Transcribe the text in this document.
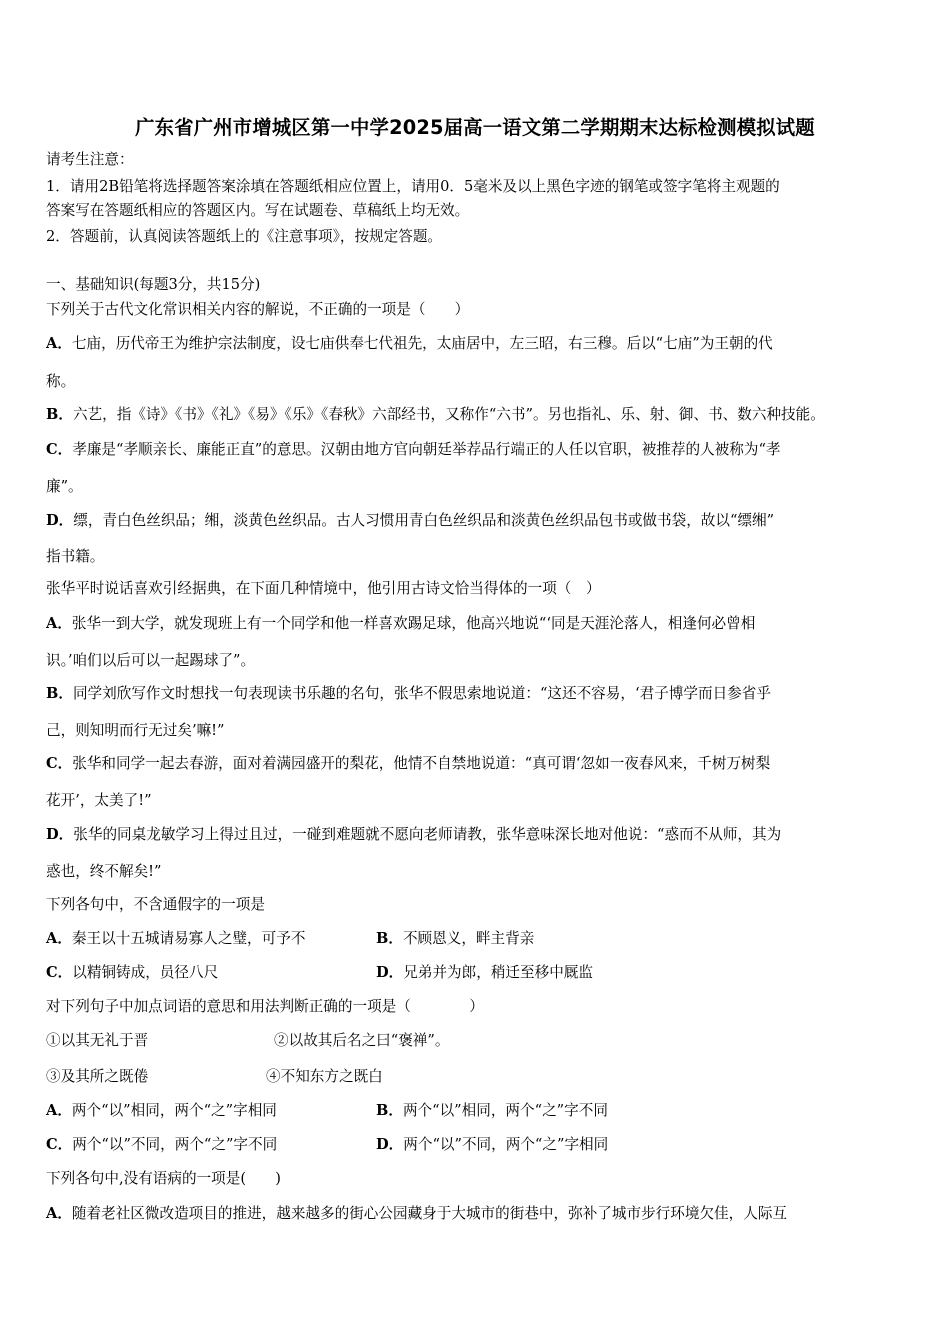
广东省广州市增城区第一中学2025届高一语文第二学期期末达标检测模拟试题
请考生注意：
1．请用2B铅笔将选择题答案涂填在答题纸相应位置上，请用0．5毫米及以上黑色字迹的钢笔或签字笔将主观题的
答案写在答题纸相应的答题区内。写在试题卷、草稿纸上均无效。
2．答题前，认真阅读答题纸上的《注意事项》，按规定答题。
一、基础知识(每题3分，共15分)
下列关于古代文化常识相关内容的解说，不正确的一项是（　　）
A．七庙，历代帝王为维护宗法制度，设七庙供奉七代祖先，太庙居中，左三昭，右三穆。后以“七庙”为王朝的代
称。
B．六艺，指《诗》《书》《礼》《易》《乐》《春秋》六部经书，又称作“六书”。另也指礼、乐、射、御、书、数六种技能。
C．孝廉是“孝顺亲长、廉能正直”的意思。汉朝由地方官向朝廷举荐品行端正的人任以官职，被推荐的人被称为“孝
廉”。
D．缥，青白色丝织品；缃，淡黄色丝织品。古人习惯用青白色丝织品和淡黄色丝织品包书或做书袋，故以“缥缃”
指书籍。
张华平时说话喜欢引经据典，在下面几种情境中，他引用古诗文恰当得体的一项（　）
A．张华一到大学，就发现班上有一个同学和他一样喜欢踢足球，他高兴地说“‘同是天涯沦落人，相逢何必曾相
识。’咱们以后可以一起踢球了”。
B．同学刘欣写作文时想找一句表现读书乐趣的名句，张华不假思索地说道：“这还不容易，‘君子博学而日参省乎
己，则知明而行无过矣’嘛!”
C．张华和同学一起去春游，面对着满园盛开的梨花，他情不自禁地说道：“真可谓‘忽如一夜春风来，千树万树梨
花开’，太美了!”
D．张华的同桌龙敏学习上得过且过，一碰到难题就不愿向老师请教，张华意味深长地对他说：“惑而不从师，其为
惑也，终不解矣!”
下列各句中，不含通假字的一项是
A．秦王以十五城请易寡人之璧，可予不	B．不顾恩义，畔主背亲
C．以精铜铸成，员径八尺	D．兄弟并为郎，稍迁至移中厩监
对下列句子中加点词语的意思和用法判断正确的一项是（　　　　）
①以其无礼于晋	②以故其后名之曰“褒禅”。
③及其所之既倦	④不知东方之既白
A．两个“以”相同，两个“之”字相同	B．两个“以”相同，两个“之”字不同
C．两个“以”不同，两个“之”字不同	D．两个“以”不同，两个“之”字相同
下列各句中,没有语病的一项是(　　)
A．随着老社区微改造项目的推进，越来越多的街心公园藏身于大城市的街巷中，弥补了城市步行环境欠佳，人际互
